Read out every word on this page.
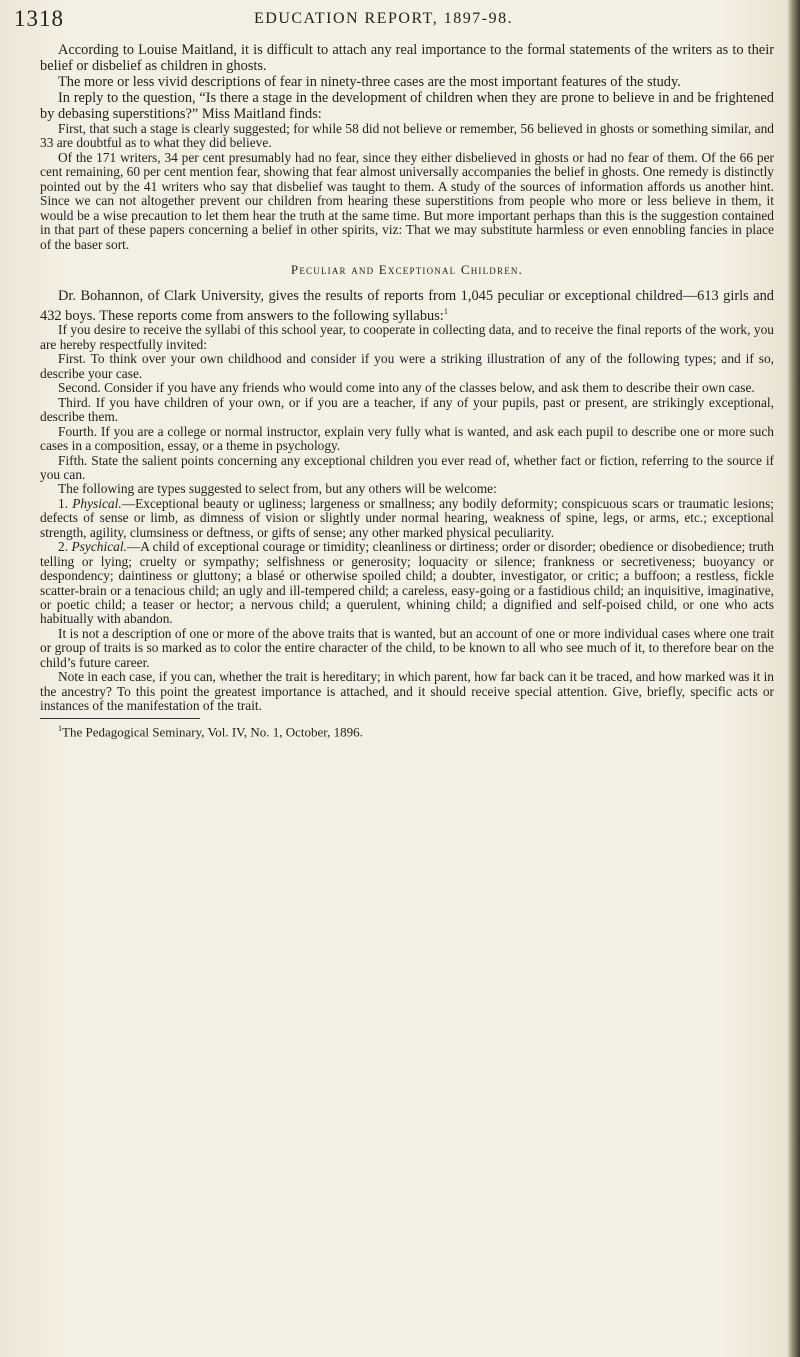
1318	EDUCATION REPORT, 1897-98.

According to Louise Maitland, it is difficult to attach any real importance to the formal statements of the writers as to their belief or disbelief as children in ghosts.

The more or less vivid descriptions of fear in ninety-three cases are the most important features of the study.

In reply to the question, “Is there a stage in the development of children when they are prone to believe in and be frightened by debasing superstitions?” Miss Maitland finds:

First, that such a stage is clearly suggested; for while 58 did not believe or remember, 56 believed in ghosts or something similar, and 33 are doubtful as to what they did believe.

Of the 171 writers, 34 per cent presumably had no fear, since they either disbelieved in ghosts or had no fear of them. Of the 66 per cent remaining, 60 per cent mention fear, showing that fear almost universally accompanies the belief in ghosts. One remedy is distinctly pointed out by the 41 writers who say that disbelief was taught to them. A study of the sources of information affords us another hint. Since we can not altogether prevent our children from hearing these superstitions from people who more or less believe in them, it would be a wise precaution to let them hear the truth at the same time. But more important perhaps than this is the suggestion contained in that part of these papers concerning a belief in other spirits, viz: That we may substitute harmless or even ennobling fancies in place of the baser sort.

Peculiar and Exceptional Children.

Dr. Bohannon, of Clark University, gives the results of reports from 1,045 peculiar or exceptional childred—613 girls and 432 boys. These reports come from answers to the following syllabus:$^1$

If you desire to receive the syllabi of this school year, to cooperate in collecting data, and to receive the final reports of the work, you are hereby respectfully invited:

First. To think over your own childhood and consider if you were a striking illustration of any of the following types; and if so, describe your case.

Second. Consider if you have any friends who would come into any of the classes below, and ask them to describe their own case.

Third. If you have children of your own, or if you are a teacher, if any of your pupils, past or present, are strikingly exceptional, describe them.

Fourth. If you are a college or normal instructor, explain very fully what is wanted, and ask each pupil to describe one or more such cases in a composition, essay, or a theme in psychology.

Fifth. State the salient points concerning any exceptional children you ever read of, whether fact or fiction, referring to the source if you can.

The following are types suggested to select from, but any others will be welcome:

1. Physical.—Exceptional beauty or ugliness; largeness or smallness; any bodily deformity; conspicuous scars or traumatic lesions; defects of sense or limb, as dimness of vision or slightly under normal hearing, weakness of spine, legs, or arms, etc.; exceptional strength, agility, clumsiness or deftness, or gifts of sense; any other marked physical peculiarity.

2. Psychical.—A child of exceptional courage or timidity; cleanliness or dirtiness; order or disorder; obedience or disobedience; truth telling or lying; cruelty or sympathy; selfishness or generosity; loquacity or silence; frankness or secretiveness; buoyancy or despondency; daintiness or gluttony; a blasé or otherwise spoiled child; a doubter, investigator, or critic; a buffoon; a restless, fickle scatter-brain or a tenacious child; an ugly and ill-tempered child; a careless, easy-going or a fastidious child; an inquisitive, imaginative, or poetic child; a teaser or hector; a nervous child; a querulent, whining child; a dignified and self-poised child, or one who acts habitually with abandon.

It is not a description of one or more of the above traits that is wanted, but an account of one or more individual cases where one trait or group of traits is so marked as to color the entire character of the child, to be known to all who see much of it, to therefore bear on the child’s future career.

Note in each case, if you can, whether the trait is hereditary; in which parent, how far back can it be traced, and how marked was it in the ancestry? To this point the greatest importance is attached, and it should receive special attention. Give, briefly, specific acts or instances of the manifestation of the trait.

$^1$The Pedagogical Seminary, Vol. IV, No. 1, October, 1896.
